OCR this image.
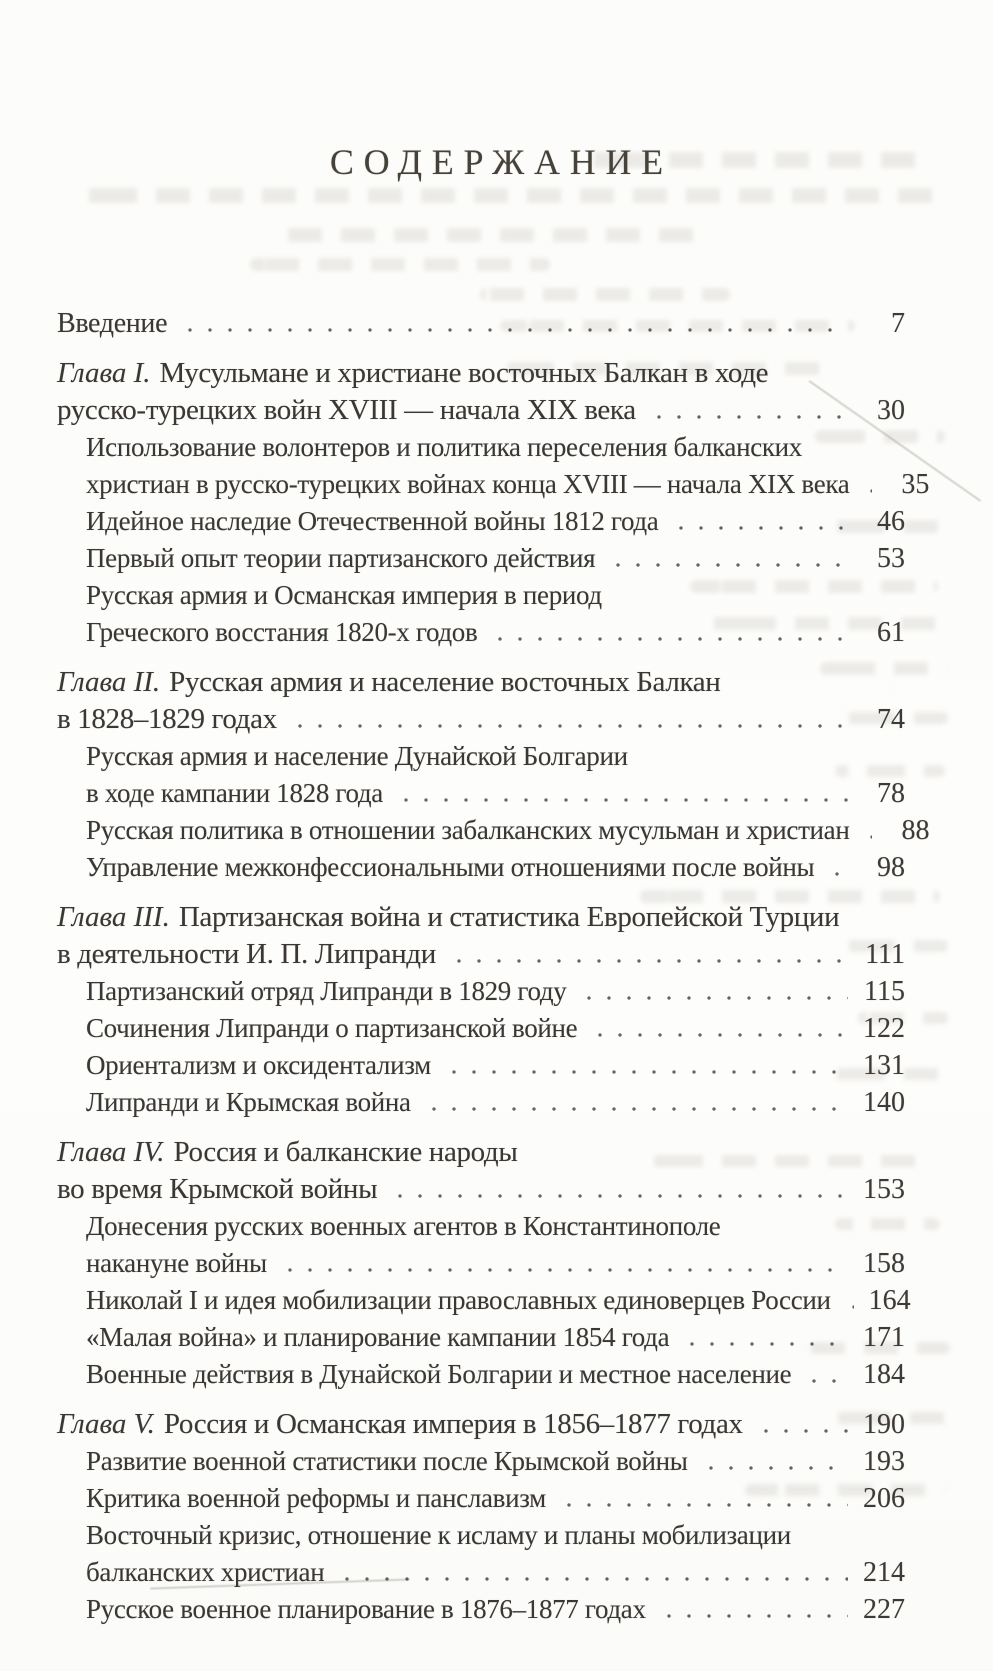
СОДЕРЖАНИЕ
Введение	7
Глава I. Мусульмане и христиане восточных Балкан в ходе
русско-турецких войн XVIII — начала XIX века	30
Использование волонтеров и политика переселения балканских
христиан в русско-турецких войнах конца XVIII — начала XIX века	35
Идейное наследие Отечественной войны 1812 года	46
Первый опыт теории партизанского действия	53
Русская армия и Османская империя в период
Греческого восстания 1820-х годов	61
Глава II. Русская армия и население восточных Балкан
в 1828–1829 годах	74
Русская армия и население Дунайской Болгарии
в ходе кампании 1828 года	78
Русская политика в отношении забалканских мусульман и христиан	88
Управление межконфессиональными отношениями после войны	98
Глава III. Партизанская война и статистика Европейской Турции
в деятельности И. П. Липранди	111
Партизанский отряд Липранди в 1829 году	115
Сочинения Липранди о партизанской войне	122
Ориентализм и оксидентализм	131
Липранди и Крымская война	140
Глава IV. Россия и балканские народы
во время Крымской войны	153
Донесения русских военных агентов в Константинополе
накануне войны	158
Николай I и идея мобилизации православных единоверцев России 164
«Малая война» и планирование кампании 1854 года	171
Военные действия в Дунайской Болгарии и местное население	184
Глава V. Россия и Османская империя в 1856–1877 годах	190
Развитие военной статистики после Крымской войны	193
Критика военной реформы и панславизм	206
Восточный кризис, отношение к исламу и планы мобилизации
балканских христиан	214
Русское военное планирование в 1876–1877 годах	227
